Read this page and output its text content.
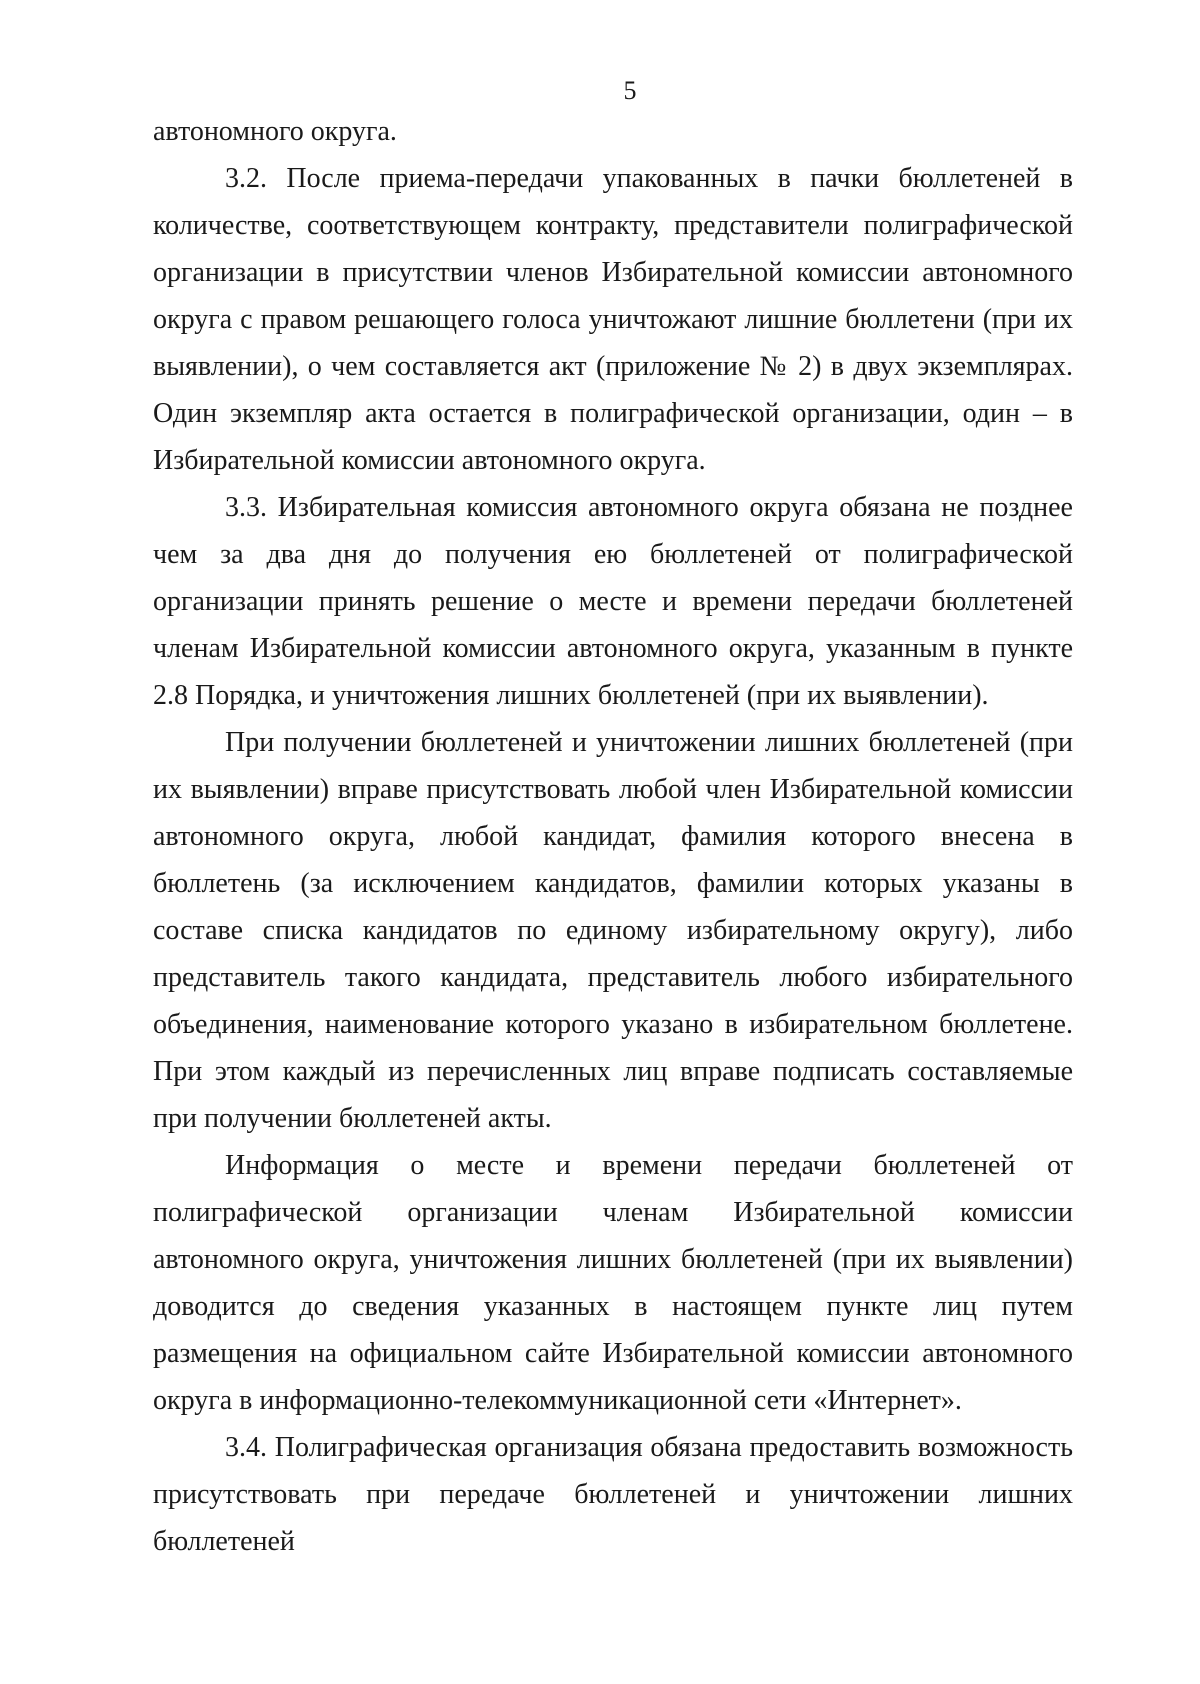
5

автономного округа.

3.2. После приема-передачи упакованных в пачки бюллетеней в количестве, соответствующем контракту, представители полиграфической организации в присутствии членов Избирательной комиссии автономного округа с правом решающего голоса уничтожают лишние бюллетени (при их выявлении), о чем составляется акт (приложение № 2) в двух экземплярах. Один экземпляр акта остается в полиграфической организации, один – в Избирательной комиссии автономного округа.

3.3. Избирательная комиссия автономного округа обязана не позднее чем за два дня до получения ею бюллетеней от полиграфической организации принять решение о месте и времени передачи бюллетеней членам Избирательной комиссии автономного округа, указанным в пункте 2.8 Порядка, и уничтожения лишних бюллетеней (при их выявлении).

При получении бюллетеней и уничтожении лишних бюллетеней (при их выявлении) вправе присутствовать любой член Избирательной комиссии автономного округа, любой кандидат, фамилия которого внесена в бюллетень (за исключением кандидатов, фамилии которых указаны в составе списка кандидатов по единому избирательному округу), либо представитель такого кандидата, представитель любого избирательного объединения, наименование которого указано в избирательном бюллетене. При этом каждый из перечисленных лиц вправе подписать составляемые при получении бюллетеней акты.

Информация о месте и времени передачи бюллетеней от полиграфической организации членам Избирательной комиссии автономного округа, уничтожения лишних бюллетеней (при их выявлении) доводится до сведения указанных в настоящем пункте лиц путем размещения на официальном сайте Избирательной комиссии автономного округа в информационно-телекоммуникационной сети «Интернет».

3.4. Полиграфическая организация обязана предоставить возможность присутствовать при передаче бюллетеней и уничтожении лишних бюллетеней
